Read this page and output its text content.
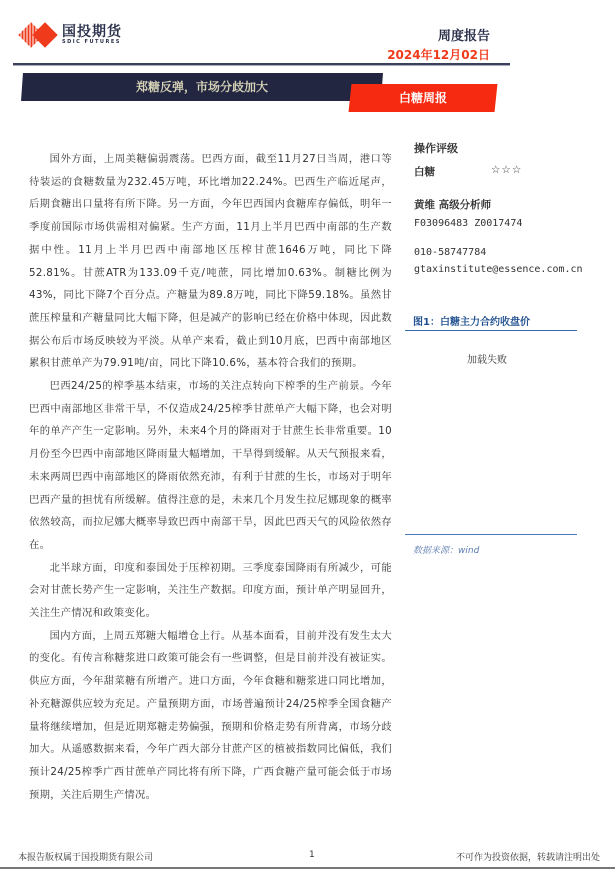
国投期货
SDIC FUTURES	周度报告
2024年12月02日
郑糖反弹，市场分歧加大
白糖周报

国外方面，上周美糖偏弱震荡。巴西方面，截至11月27日当周，港口等待装运的食糖数量为232.45万吨，环比增加22.24%。巴西生产临近尾声，后期食糖出口量将有所下降。另一方面，今年巴西国内食糖库存偏低，明年一季度前国际市场供需相对偏紧。生产方面，11月上半月巴西中南部的生产数据中性。11月上半月巴西中南部地区压榨甘蔗1646万吨，同比下降52.81%。甘蔗ATR为133.09千克/吨蔗，同比增加0.63%。制糖比例为43%，同比下降7个百分点。产糖量为89.8万吨，同比下降59.18%。虽然甘蔗压榨量和产糖量同比大幅下降，但是减产的影响已经在价格中体现，因此数据公布后市场反映较为平淡。从单产来看，截止到10月底，巴西中南部地区累积甘蔗单产为79.91吨/亩，同比下降10.6%，基本符合我们的预期。

巴西24/25的榨季基本结束，市场的关注点转向下榨季的生产前景。今年巴西中南部地区非常干旱，不仅造成24/25榨季甘蔗单产大幅下降，也会对明年的单产产生一定影响。另外，未来4个月的降雨对于甘蔗生长非常重要。10月份至今巴西中南部地区降雨量大幅增加，干旱得到缓解。从天气预报来看，未来两周巴西中南部地区的降雨依然充沛，有利于甘蔗的生长，市场对于明年巴西产量的担忧有所缓解。值得注意的是，未来几个月发生拉尼娜现象的概率依然较高，而拉尼娜大概率导致巴西中南部干旱，因此巴西天气的风险依然存在。

北半球方面，印度和泰国处于压榨初期。三季度泰国降雨有所减少，可能会对甘蔗长势产生一定影响，关注生产数据。印度方面，预计单产明显回升，关注生产情况和政策变化。

国内方面，上周五郑糖大幅增仓上行。从基本面看，目前并没有发生太大的变化。有传言称糖浆进口政策可能会有一些调整，但是目前并没有被证实。供应方面，今年甜菜糖有所增产。进口方面，今年食糖和糖浆进口同比增加，补充糖源供应较为充足。产量预期方面，市场普遍预计24/25榨季全国食糖产量将继续增加，但是近期郑糖走势偏强，预期和价格走势有所背离，市场分歧加大。从遥感数据来看，今年广西大部分甘蔗产区的植被指数同比偏低，我们预计24/25榨季广西甘蔗单产同比将有所下降，广西食糖产量可能会低于市场预期，关注后期生产情况。

操作评级
白糖	☆☆☆
黄维 高级分析师
F03096483 Z0017474
010-58747784
gtaxinstitute@essence.com.cn
图1：白糖主力合约收盘价
加载失败
数据来源：wind
本报告版权属于国投期货有限公司	1	不可作为投资依据，转载请注明出处
